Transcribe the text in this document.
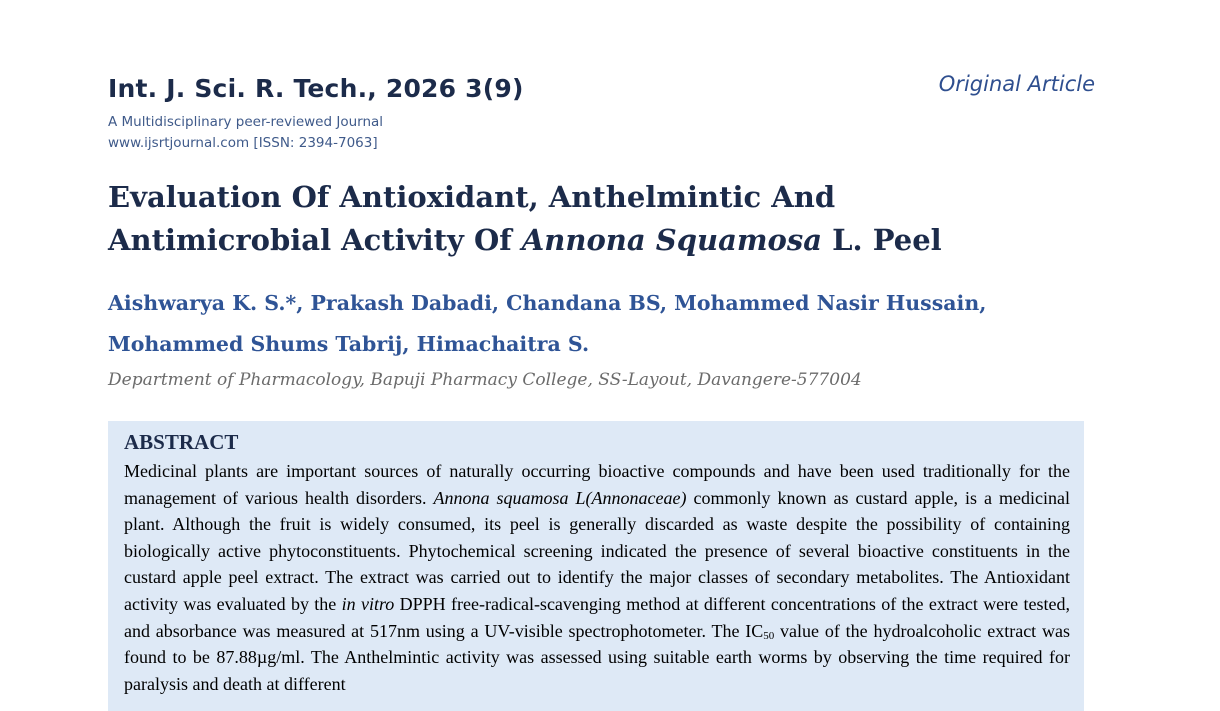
Int. J. Sci. R. Tech., 2026 3(9)
A Multidisciplinary peer-reviewed Journal
www.ijsrtjournal.com [ISSN: 2394-7063]
Original Article
Evaluation Of Antioxidant, Anthelmintic And
Antimicrobial Activity Of Annona Squamosa L. Peel
Aishwarya K. S.*, Prakash Dabadi, Chandana BS, Mohammed Nasir Hussain,
Mohammed Shums Tabrij, Himachaitra S.
Department of Pharmacology, Bapuji Pharmacy College, SS-Layout, Davangere-577004
ABSTRACT

Medicinal plants are important sources of naturally occurring bioactive compounds and have been used traditionally for the management of various health disorders. Annona squamosa L(Annonaceae) commonly known as custard apple, is a medicinal plant. Although the fruit is widely consumed, its peel is generally discarded as waste despite the possibility of containing biologically active phytoconstituents. Phytochemical screening indicated the presence of several bioactive constituents in the custard apple peel extract. The extract was carried out to identify the major classes of secondary metabolites. The Antioxidant activity was evaluated by the in vitro DPPH free-radical-scavenging method at different concentrations of the extract were tested, and absorbance was measured at 517nm using a UV-visible spectrophotometer. The $IC_{50}$ value of the hydroalcoholic extract was found to be 87.88µg/ml. The Anthelmintic activity was assessed using suitable earth worms by observing the time required for paralysis and death at different
